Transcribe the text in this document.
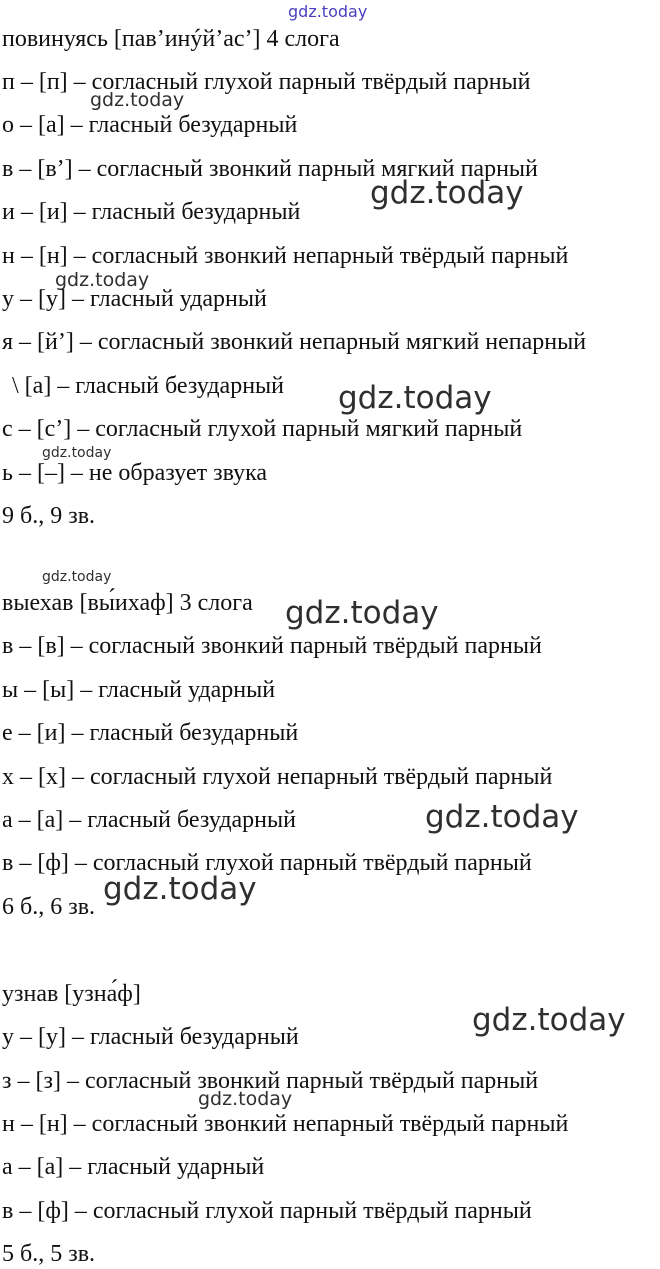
повинуясь [пав’инýй’ас’] 4 слога
п – [п] – согласный глухой парный твёрдый парный
о – [а] – гласный безударный
в – [в’] – согласный звонкий парный мягкий парный
и – [и] – гласный безударный
н – [н] – согласный звонкий непарный твёрдый парный
у – [у] – гласный ударный
я – [й’] – согласный звонкий непарный мягкий непарный
\ [а] – гласный безударный
с – [с’] – согласный глухой парный мягкий парный
ь – [–] – не образует звука
9 б., 9 зв.
выехав [вы́ихаф] 3 слога
в – [в] – согласный звонкий парный твёрдый парный
ы – [ы] – гласный ударный
е – [и] – гласный безударный
х – [х] – согласный глухой непарный твёрдый парный
а – [а] – гласный безударный
в – [ф] – согласный глухой парный твёрдый парный
6 б., 6 зв.
узнав [узна́ф]
у – [у] – гласный безударный
з – [з] – согласный звонкий парный твёрдый парный
н – [н] – согласный звонкий непарный твёрдый парный
а – [а] – гласный ударный
в – [ф] – согласный глухой парный твёрдый парный
5 б., 5 зв.
gdz.today
gdz.today
gdz.today
gdz.today
gdz.today
gdz.today
gdz.today
gdz.today
gdz.today
gdz.today
gdz.today
gdz.today
